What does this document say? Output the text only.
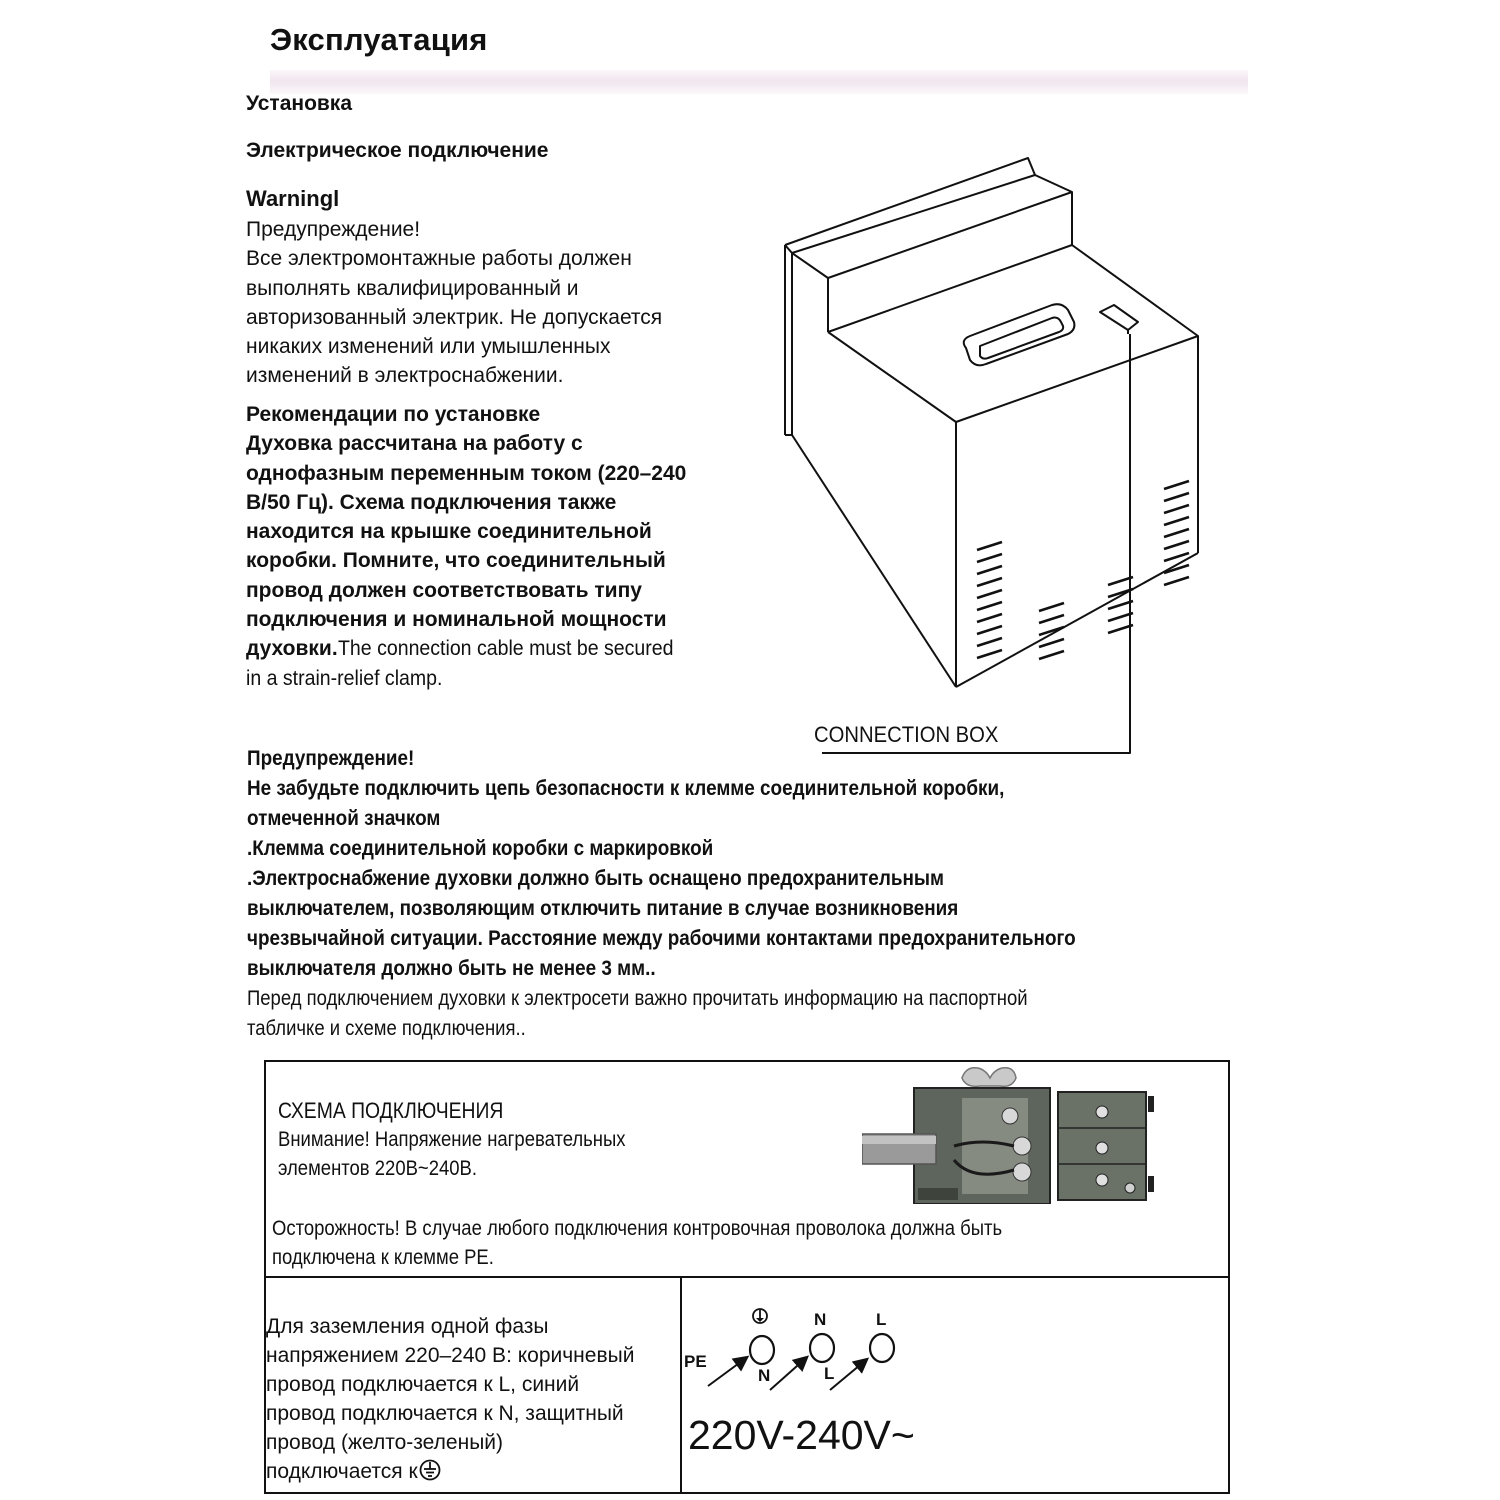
Эксплуатация
Установка
Электрическое подключение
Warningl
Предупреждение!
Все электромонтажные работы должен
выполнять квалифицированный и
авторизованный электрик. Не допускается
никаких изменений или умышленных
изменений в электроснабжении.
Рекомендации по установке
Духовка рассчитана на работу с
однофазным переменным током (220–240
В/50 Гц). Схема подключения также
находится на крышке соединительной
коробки. Помните, что соединительный
провод должен соответствовать типу
подключения и номинальной мощности
духовки.The connection cable must be secured
in a strain-relief clamp.
CONNECTION BOX
Предупреждение!
Не забудьте подключить цепь безопасности к клемме соединительной коробки,
отмеченной значком
.Клемма соединительной коробки с маркировкой
.Электроснабжение духовки должно быть оснащено предохранительным
выключателем, позволяющим отключить питание в случае возникновения
чрезвычайной ситуации. Расстояние между рабочими контактами предохранительного
выключателя должно быть не менее 3 мм..
Перед подключением духовки к электросети важно прочитать информацию на паспортной
табличке и схеме подключения..
СХЕМА ПОДКЛЮЧЕНИЯ
Внимание! Напряжение нагревательных
элементов 220В~240В.
Осторожность! В случае любого подключения контровочная проволока должна быть
подключена к клемме PE.
Для заземления одной фазы
напряжением 220–240 В: коричневый
провод подключается к L, синий
провод подключается к N, защитный
провод (желто-зеленый)
подключается к
PE
N	L
N	L
220V-240V~
